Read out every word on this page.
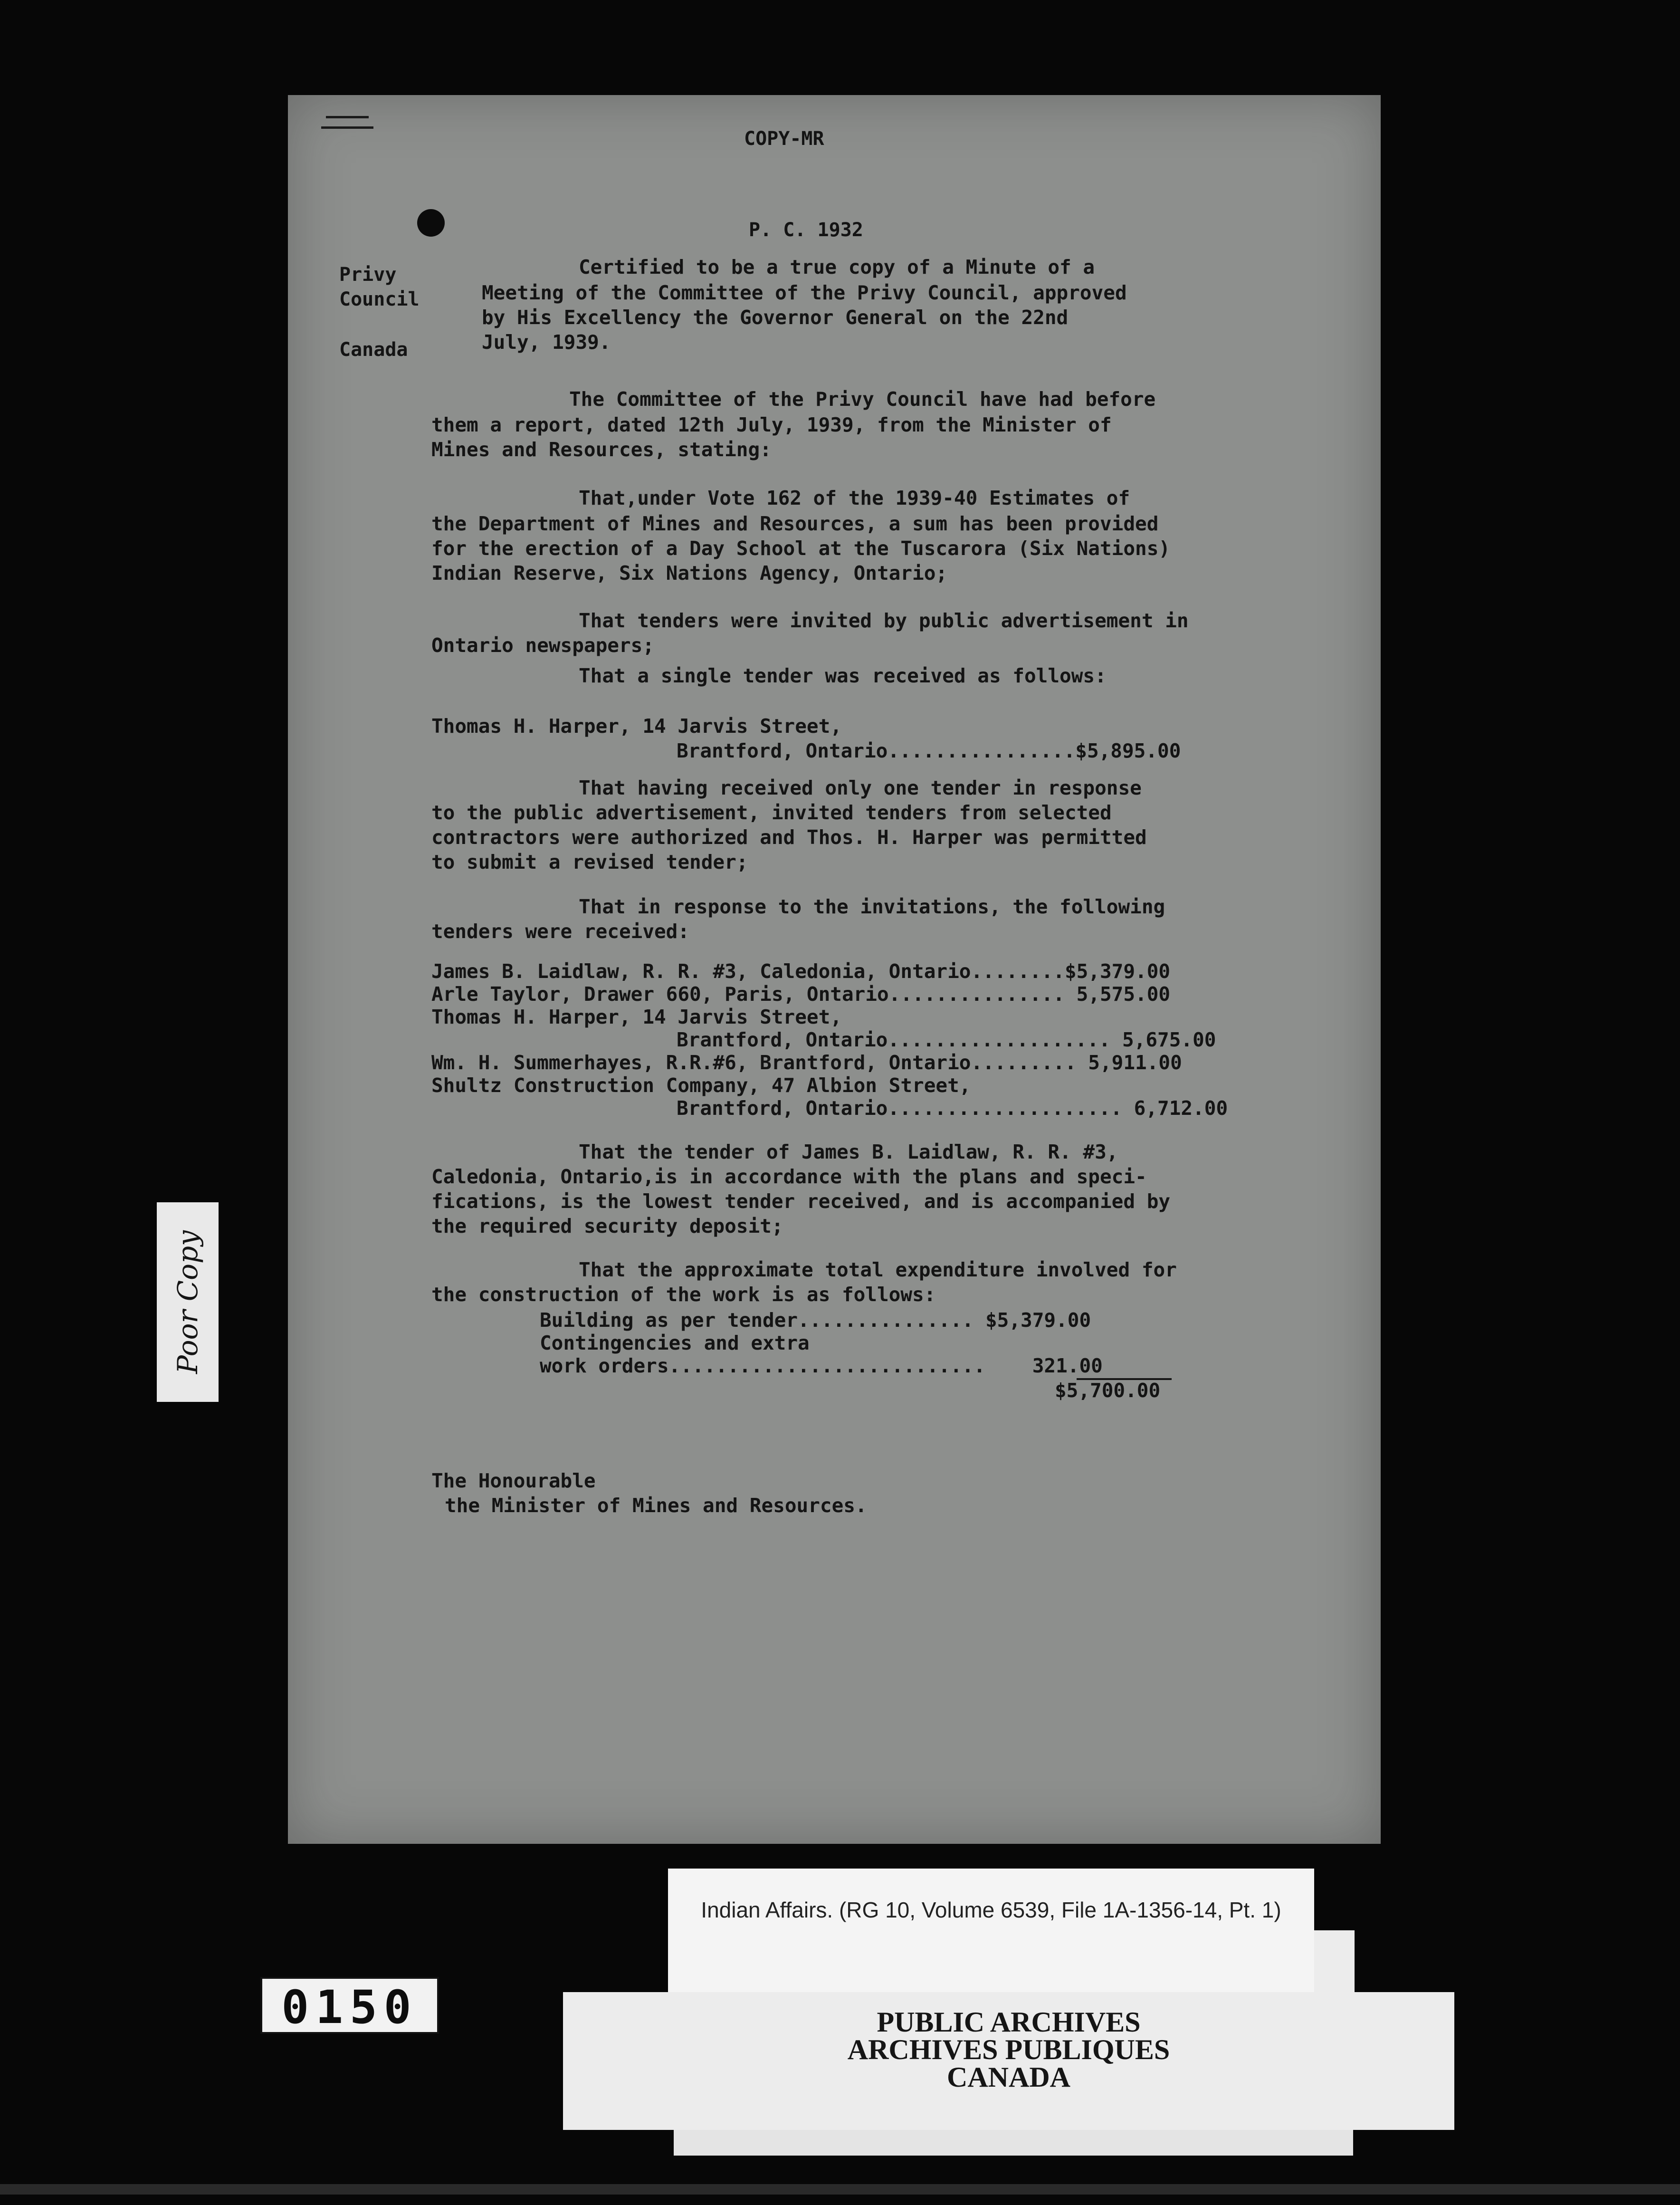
COPY-MR
P. C. 1932
Privy
Council
Canada
Certified to be a true copy of a Minute of a
Meeting of the Committee of the Privy Council, approved
by His Excellency the Governor General on the 22nd
July, 1939.
The Committee of the Privy Council have had before
them a report, dated 12th July, 1939, from the Minister of
Mines and Resources, stating:
That,under Vote 162 of the 1939-40 Estimates of
the Department of Mines and Resources, a sum has been provided
for the erection of a Day School at the Tuscarora (Six Nations)
Indian Reserve, Six Nations Agency, Ontario;
That tenders were invited by public advertisement in
Ontario newspapers;
That a single tender was received as follows:
Thomas H. Harper, 14 Jarvis Street,
Brantford, Ontario................$5,895.00
That having received only one tender in response
to the public advertisement, invited tenders from selected
contractors were authorized and Thos. H. Harper was permitted
to submit a revised tender;
That in response to the invitations, the following
tenders were received:
James B. Laidlaw, R. R. #3, Caledonia, Ontario........$5,379.00
Arle Taylor, Drawer 660, Paris, Ontario............... 5,575.00
Thomas H. Harper, 14 Jarvis Street,
Brantford, Ontario................... 5,675.00
Wm. H. Summerhayes, R.R.#6, Brantford, Ontario......... 5,911.00
Shultz Construction Company, 47 Albion Street,
Brantford, Ontario.................... 6,712.00
That the tender of James B. Laidlaw, R. R. #3,
Caledonia, Ontario,is in accordance with the plans and speci-
fications, is the lowest tender received, and is accompanied by
the required security deposit;
That the approximate total expenditure involved for
the construction of the work is as follows:
Building as per tender............... $5,379.00
Contingencies and extra
work orders...........................    321.00
$5,700.00
The Honourable
the Minister of Mines and Resources.
Poor Copy
0150	PUBLIC ARCHIVES
ARCHIVES PUBLIQUES
CANADA
Indian Affairs. (RG 10, Volume 6539, File 1A-1356-14, Pt. 1)
